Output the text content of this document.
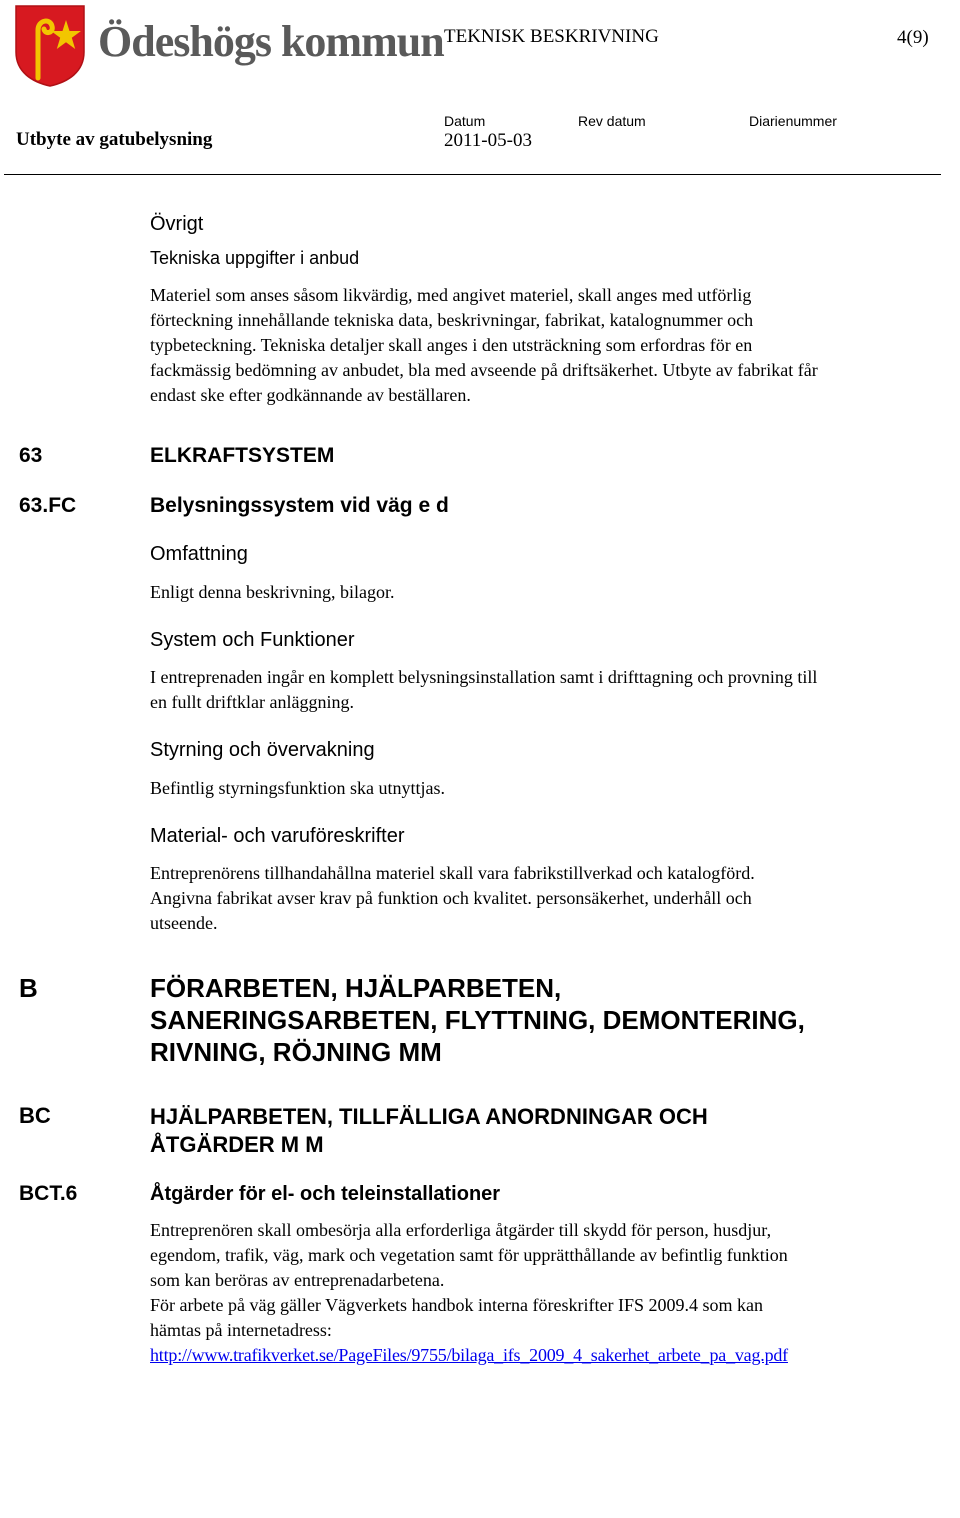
Ödeshögs kommun TEKNISK BESKRIVNING	4(9)
Datum	Rev datum	Diarienummer
Utbyte av gatubelysning	2011-05-03
Övrigt
Tekniska uppgifter i anbud
Materiel som anses såsom likvärdig, med angivet materiel, skall anges med utförlig
förteckning innehållande tekniska data, beskrivningar, fabrikat, katalognummer och
typbeteckning. Tekniska detaljer skall anges i den utsträckning som erfordras för en
fackmässig bedömning av anbudet, bla med avseende på driftsäkerhet. Utbyte av fabrikat får
endast ske efter godkännande av beställaren.
63	ELKRAFTSYSTEM
63.FC	Belysningssystem vid väg e d
Omfattning
Enligt denna beskrivning, bilagor.
System och Funktioner
I entreprenaden ingår en komplett belysningsinstallation samt i drifttagning och provning till
en fullt driftklar anläggning.
Styrning och övervakning
Befintlig styrningsfunktion ska utnyttjas.
Material- och varuföreskrifter
Entreprenörens tillhandahållna materiel skall vara fabrikstillverkad och katalogförd.
Angivna fabrikat avser krav på funktion och kvalitet. personsäkerhet, underhåll och
utseende.
B	FÖRARBETEN, HJÄLPARBETEN,
SANERINGSARBETEN, FLYTTNING, DEMONTERING,
RIVNING, RÖJNING MM
BC	HJÄLPARBETEN, TILLFÄLLIGA ANORDNINGAR OCH
ÅTGÄRDER M M
BCT.6	Åtgärder för el- och teleinstallationer
Entreprenören skall ombesörja alla erforderliga åtgärder till skydd för person, husdjur,
egendom, trafik, väg, mark och vegetation samt för upprätthållande av befintlig funktion
som kan beröras av entreprenadarbetena.
För arbete på väg gäller Vägverkets handbok interna föreskrifter IFS 2009.4 som kan
hämtas på internetadress:
http://www.trafikverket.se/PageFiles/9755/bilaga_ifs_2009_4_sakerhet_arbete_pa_vag.pdf
